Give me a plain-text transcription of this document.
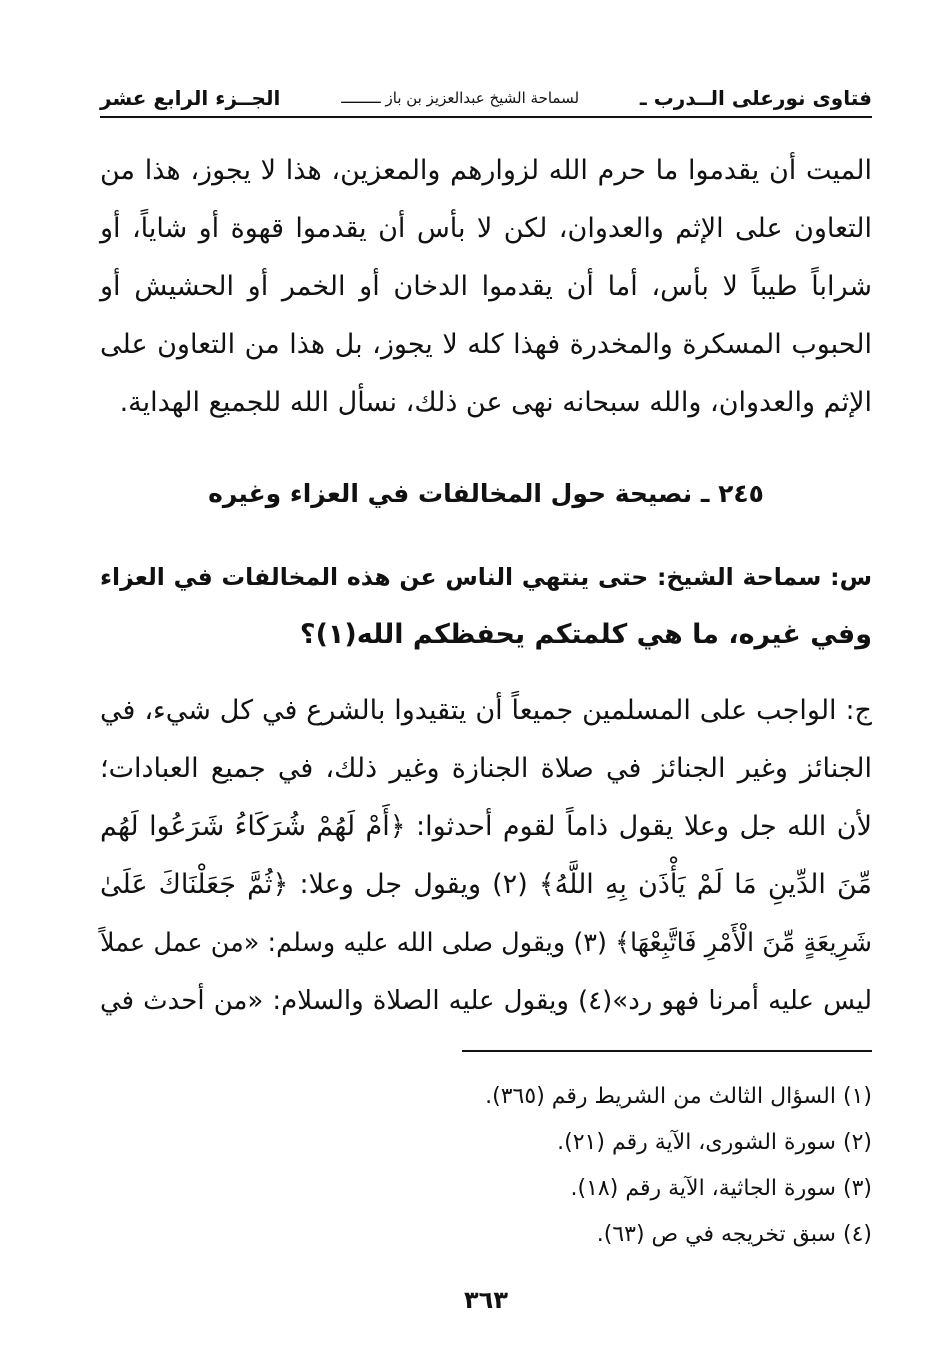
فتاوى نورعلى الــدرب ـ
لسماحة الشيخ عبدالعزيز بن باز ـــــــــ
الجــزء الرابع عشر
الميت أن يقدموا ما حرم الله لزوارهم والمعزين، هذا لا يجوز، هذا من
التعاون على الإثم والعدوان، لكن لا بأس أن يقدموا قهوة أو شاياً، أو
شراباً طيباً لا بأس، أما أن يقدموا الدخان أو الخمر أو الحشيش أو
الحبوب المسكرة والمخدرة فهذا كله لا يجوز، بل هذا من التعاون على
الإثم والعدوان، والله سبحانه نهى عن ذلك، نسأل الله للجميع الهداية.
٢٤٥ ـ نصيحة حول المخالفات في العزاء وغيره
س: سماحة الشيخ: حتى ينتهي الناس عن هذه المخالفات في العزاء
وفي غيره، ما هي كلمتكم يحفظكم الله(١)؟
ج: الواجب على المسلمين جميعاً أن يتقيدوا بالشرع في كل شيء، في
الجنائز وغير الجنائز في صلاة الجنازة وغير ذلك، في جميع العبادات؛
لأن الله جل وعلا يقول ذاماً لقوم أحدثوا: ﴿أَمْ لَهُمْ شُرَكَاءُ شَرَعُوا لَهُم
مِّنَ الدِّينِ مَا لَمْ يَأْذَن بِهِ اللَّهُ﴾ (٢) ويقول جل وعلا: ﴿ثُمَّ جَعَلْنَاكَ عَلَىٰ
شَرِيعَةٍ مِّنَ الْأَمْرِ فَاتَّبِعْهَا﴾ (٣) ويقول صلى الله عليه وسلم: «من عمل عملاً
ليس عليه أمرنا فهو رد»(٤) ويقول عليه الصلاة والسلام: «من أحدث في
(١) السؤال الثالث من الشريط رقم (٣٦٥).
(٢) سورة الشورى، الآية رقم (٢١).
(٣) سورة الجاثية، الآية رقم (١٨).
(٤) سبق تخريجه في ص (٦٣).
٣٦٣
